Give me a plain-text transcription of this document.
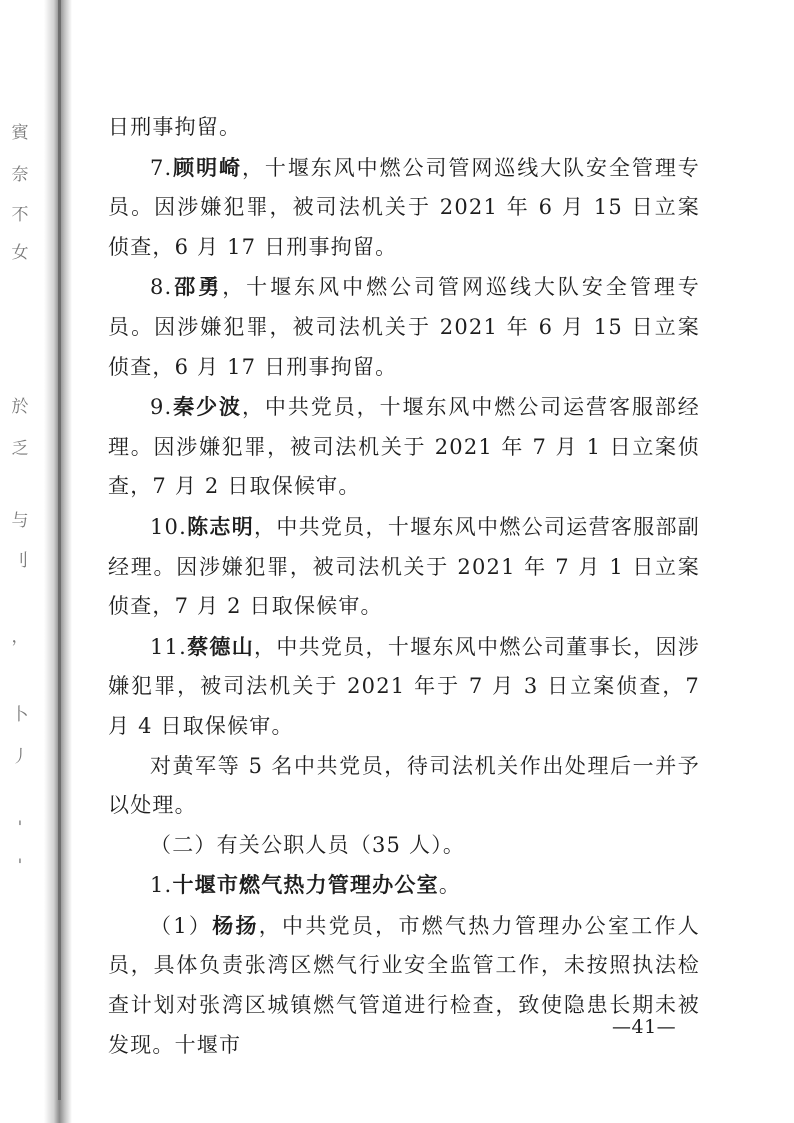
賓
奈
不
女
於
乏
与
刂
，
卜
丿
'
'

日刑事拘留。

7.顾明崎，十堰东风中燃公司管网巡线大队安全管理专员。因涉嫌犯罪，被司法机关于 2021 年 6 月 15 日立案侦查，6 月 17 日刑事拘留。

8.邵勇，十堰东风中燃公司管网巡线大队安全管理专员。因涉嫌犯罪，被司法机关于 2021 年 6 月 15 日立案侦查，6 月 17 日刑事拘留。

9.秦少波，中共党员，十堰东风中燃公司运营客服部经理。因涉嫌犯罪，被司法机关于 2021 年 7 月 1 日立案侦查，7 月 2 日取保候审。

10.陈志明，中共党员，十堰东风中燃公司运营客服部副经理。因涉嫌犯罪，被司法机关于 2021 年 7 月 1 日立案侦查，7 月 2 日取保候审。

11.蔡德山，中共党员，十堰东风中燃公司董事长，因涉嫌犯罪，被司法机关于 2021 年于 7 月 3 日立案侦查，7 月 4 日取保候审。

对黄军等 5 名中共党员，待司法机关作出处理后一并予以处理。

（二）有关公职人员（35 人）。

1.十堰市燃气热力管理办公室。

（1）杨扬，中共党员，市燃气热力管理办公室工作人员，具体负责张湾区燃气行业安全监管工作，未按照执法检查计划对张湾区城镇燃气管道进行检查，致使隐患长期未被发现。十堰市

—41—
